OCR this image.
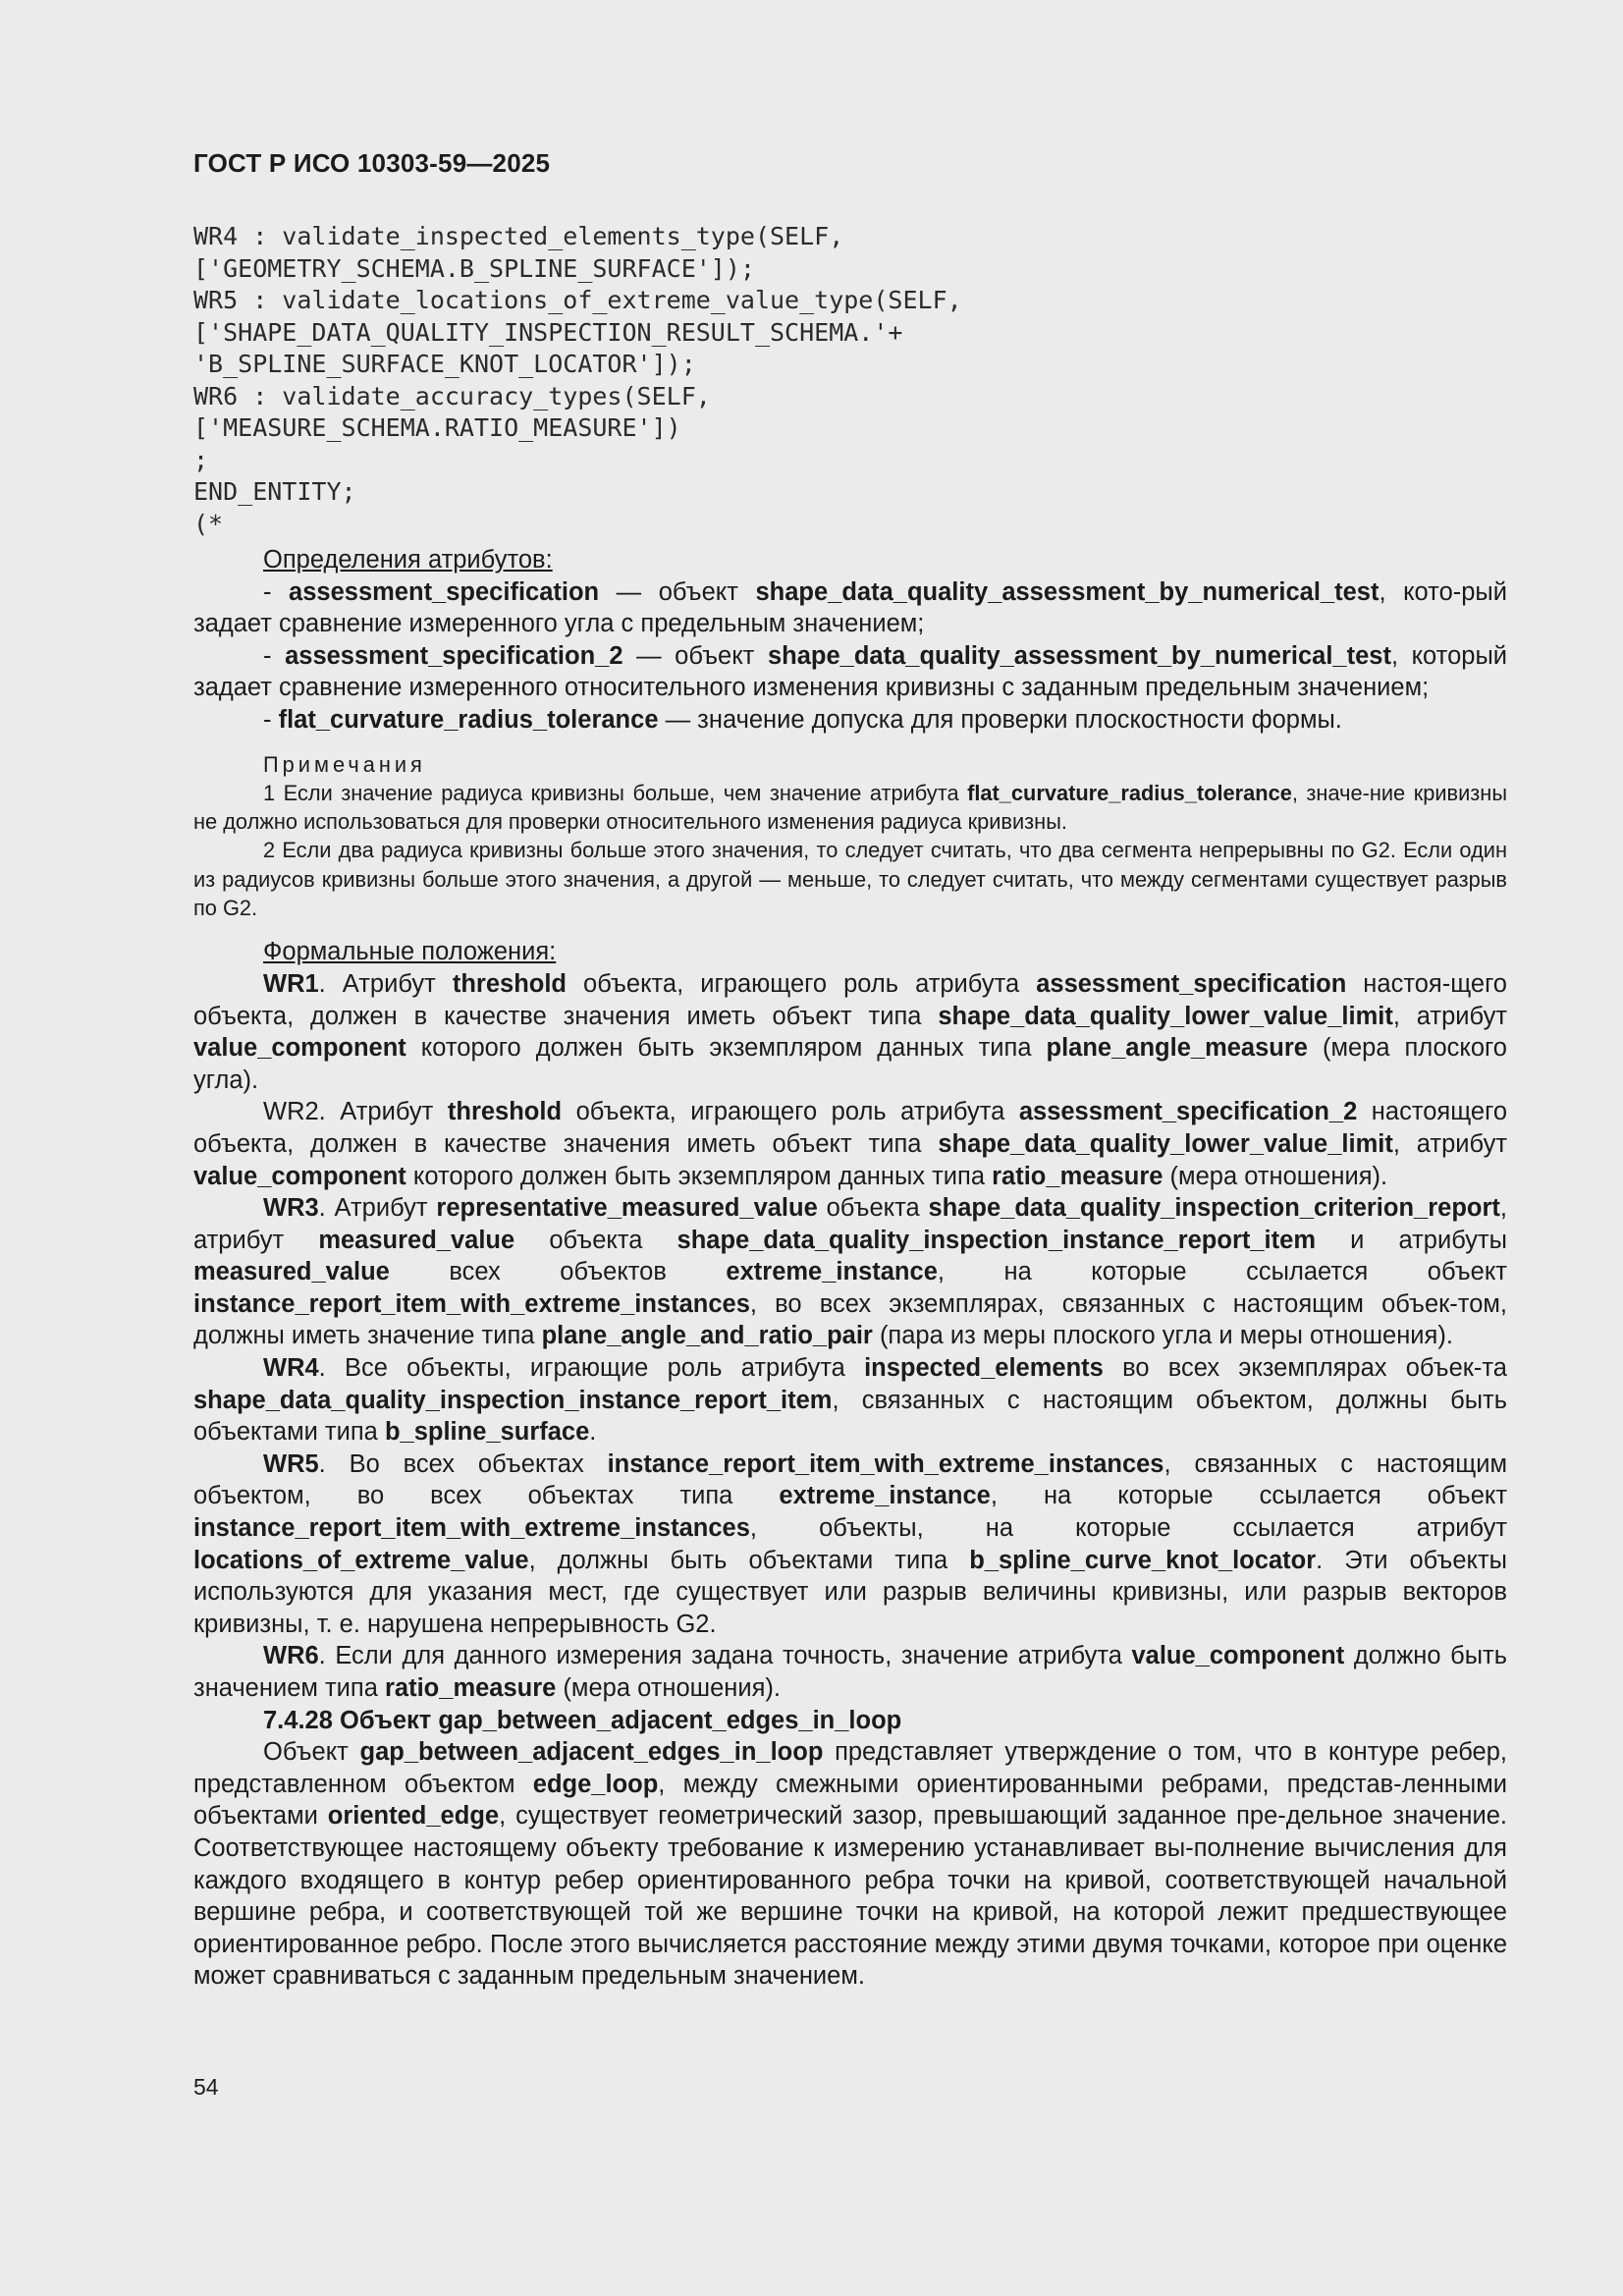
ГОСТ Р ИСО 10303-59—2025
WR4 : validate_inspected_elements_type(SELF,
['GEOMETRY_SCHEMA.B_SPLINE_SURFACE']);
WR5 : validate_locations_of_extreme_value_type(SELF,
['SHAPE_DATA_QUALITY_INSPECTION_RESULT_SCHEMA.'+
'B_SPLINE_SURFACE_KNOT_LOCATOR']);
WR6 : validate_accuracy_types(SELF,
['MEASURE_SCHEMA.RATIO_MEASURE'])
;
END_ENTITY;
(*

Определения атрибутов:

- assessment_specification — объект shape_data_quality_assessment_by_numerical_test, кото-рый задает сравнение измеренного угла с предельным значением;

- assessment_specification_2 — объект shape_data_quality_assessment_by_numerical_test, который задает сравнение измеренного относительного изменения кривизны с заданным предельным значением;

- flat_curvature_radius_tolerance — значение допуска для проверки плоскостности формы.

Примечания

1 Если значение радиуса кривизны больше, чем значение атрибута flat_curvature_radius_tolerance, значе-ние кривизны не должно использоваться для проверки относительного изменения радиуса кривизны.

2 Если два радиуса кривизны больше этого значения, то следует считать, что два сегмента непрерывны по G2. Если один из радиусов кривизны больше этого значения, а другой — меньше, то следует считать, что между сегментами существует разрыв по G2.

Формальные положения:

WR1. Атрибут threshold объекта, играющего роль атрибута assessment_specification настоя-щего объекта, должен в качестве значения иметь объект типа shape_data_quality_lower_value_limit, атрибут value_component которого должен быть экземпляром данных типа plane_angle_measure (мера плоского угла).

WR2. Атрибут threshold объекта, играющего роль атрибута assessment_specification_2 настоящего объекта, должен в качестве значения иметь объект типа shape_data_quality_lower_value_limit, атрибут value_component которого должен быть экземпляром данных типа ratio_measure (мера отношения).

WR3. Атрибут representative_measured_value объекта shape_data_quality_inspection_criterion_report, атрибут measured_value объекта shape_data_quality_inspection_instance_report_item и атрибуты measured_value всех объектов extreme_instance, на которые ссылается объект instance_report_item_with_extreme_instances, во всех экземплярах, связанных с настоящим объек-том, должны иметь значение типа plane_angle_and_ratio_pair (пара из меры плоского угла и меры отношения).

WR4. Все объекты, играющие роль атрибута inspected_elements во всех экземплярах объек-та shape_data_quality_inspection_instance_report_item, связанных с настоящим объектом, должны быть объектами типа b_spline_surface.

WR5. Во всех объектах instance_report_item_with_extreme_instances, связанных с настоящим объектом, во всех объектах типа extreme_instance, на которые ссылается объект instance_report_item_with_extreme_instances, объекты, на которые ссылается атрибут locations_of_extreme_value, должны быть объектами типа b_spline_curve_knot_locator. Эти объекты используются для указания мест, где существует или разрыв величины кривизны, или разрыв векторов кривизны, т. е. нарушена непрерывность G2.

WR6. Если для данного измерения задана точность, значение атрибута value_component должно быть значением типа ratio_measure (мера отношения).

7.4.28 Объект gap_between_adjacent_edges_in_loop

Объект gap_between_adjacent_edges_in_loop представляет утверждение о том, что в контуре ребер, представленном объектом edge_loop, между смежными ориентированными ребрами, представ-ленными объектами oriented_edge, существует геометрический зазор, превышающий заданное пре-дельное значение. Соответствующее настоящему объекту требование к измерению устанавливает вы-полнение вычисления для каждого входящего в контур ребер ориентированного ребра точки на кривой, соответствующей начальной вершине ребра, и соответствующей той же вершине точки на кривой, на которой лежит предшествующее ориентированное ребро. После этого вычисляется расстояние между этими двумя точками, которое при оценке может сравниваться с заданным предельным значением.

54
